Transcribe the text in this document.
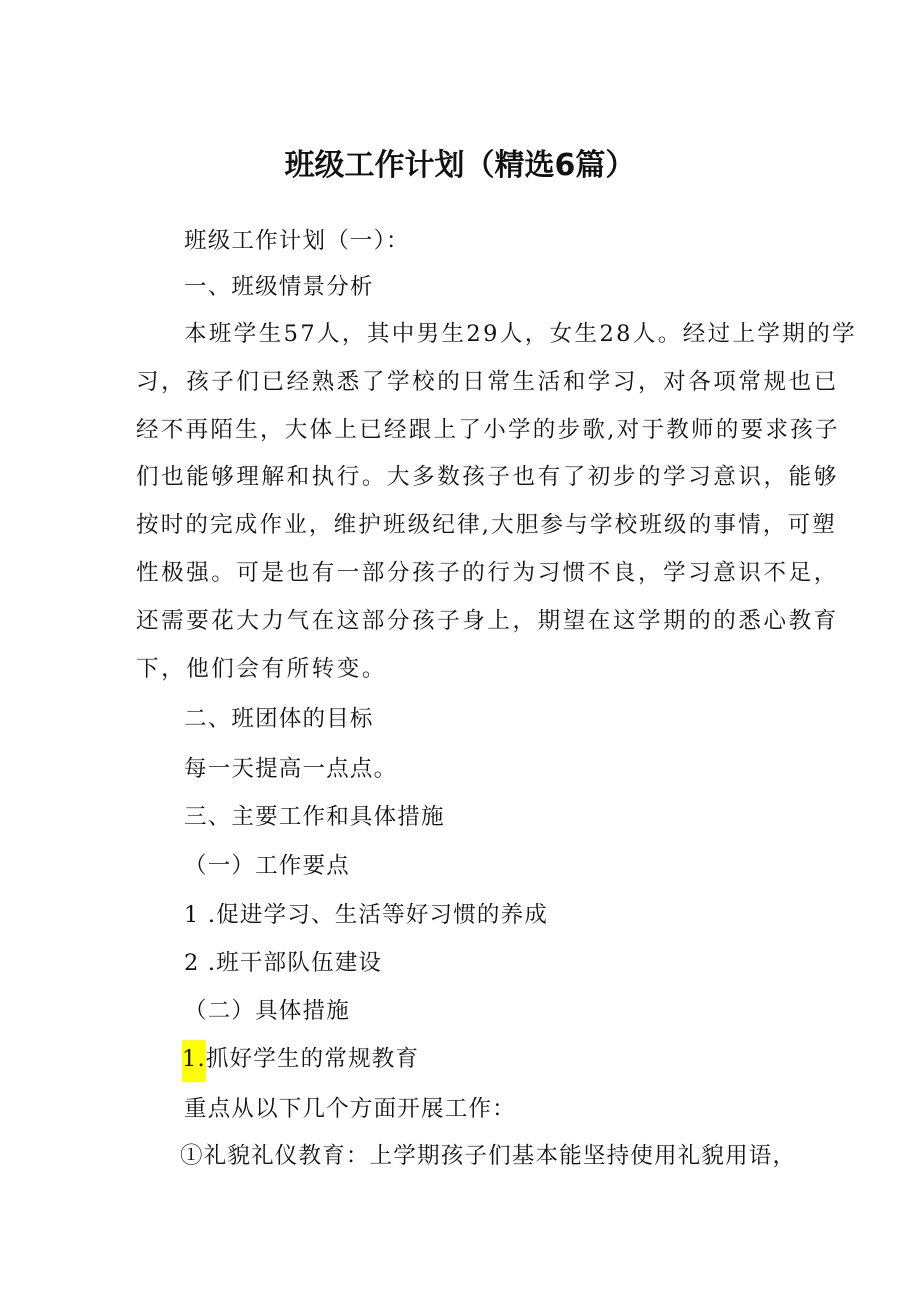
班级工作计划（精选6篇）
班级工作计划（一）：
一、班级情景分析
本班学生57人，其中男生29人，女生28人。经过上学期的学
习，孩子们已经熟悉了学校的日常生活和学习，对各项常规也已
经不再陌生，大体上已经跟上了小学的步歌,对于教师的要求孩子
们也能够理解和执行。大多数孩子也有了初步的学习意识，能够
按时的完成作业，维护班级纪律,大胆参与学校班级的事情，可塑
性极强。可是也有一部分孩子的行为习惯不良，学习意识不足，
还需要花大力气在这部分孩子身上，期望在这学期的的悉心教育
下，他们会有所转变。
二、班团体的目标
每一天提高一点点。
三、主要工作和具体措施
（一）工作要点
1 .促进学习、生活等好习惯的养成
2 .班干部队伍建设
（二）具体措施
1.抓好学生的常规教育
重点从以下几个方面开展工作：
①礼貌礼仪教育：上学期孩子们基本能坚持使用礼貌用语，
